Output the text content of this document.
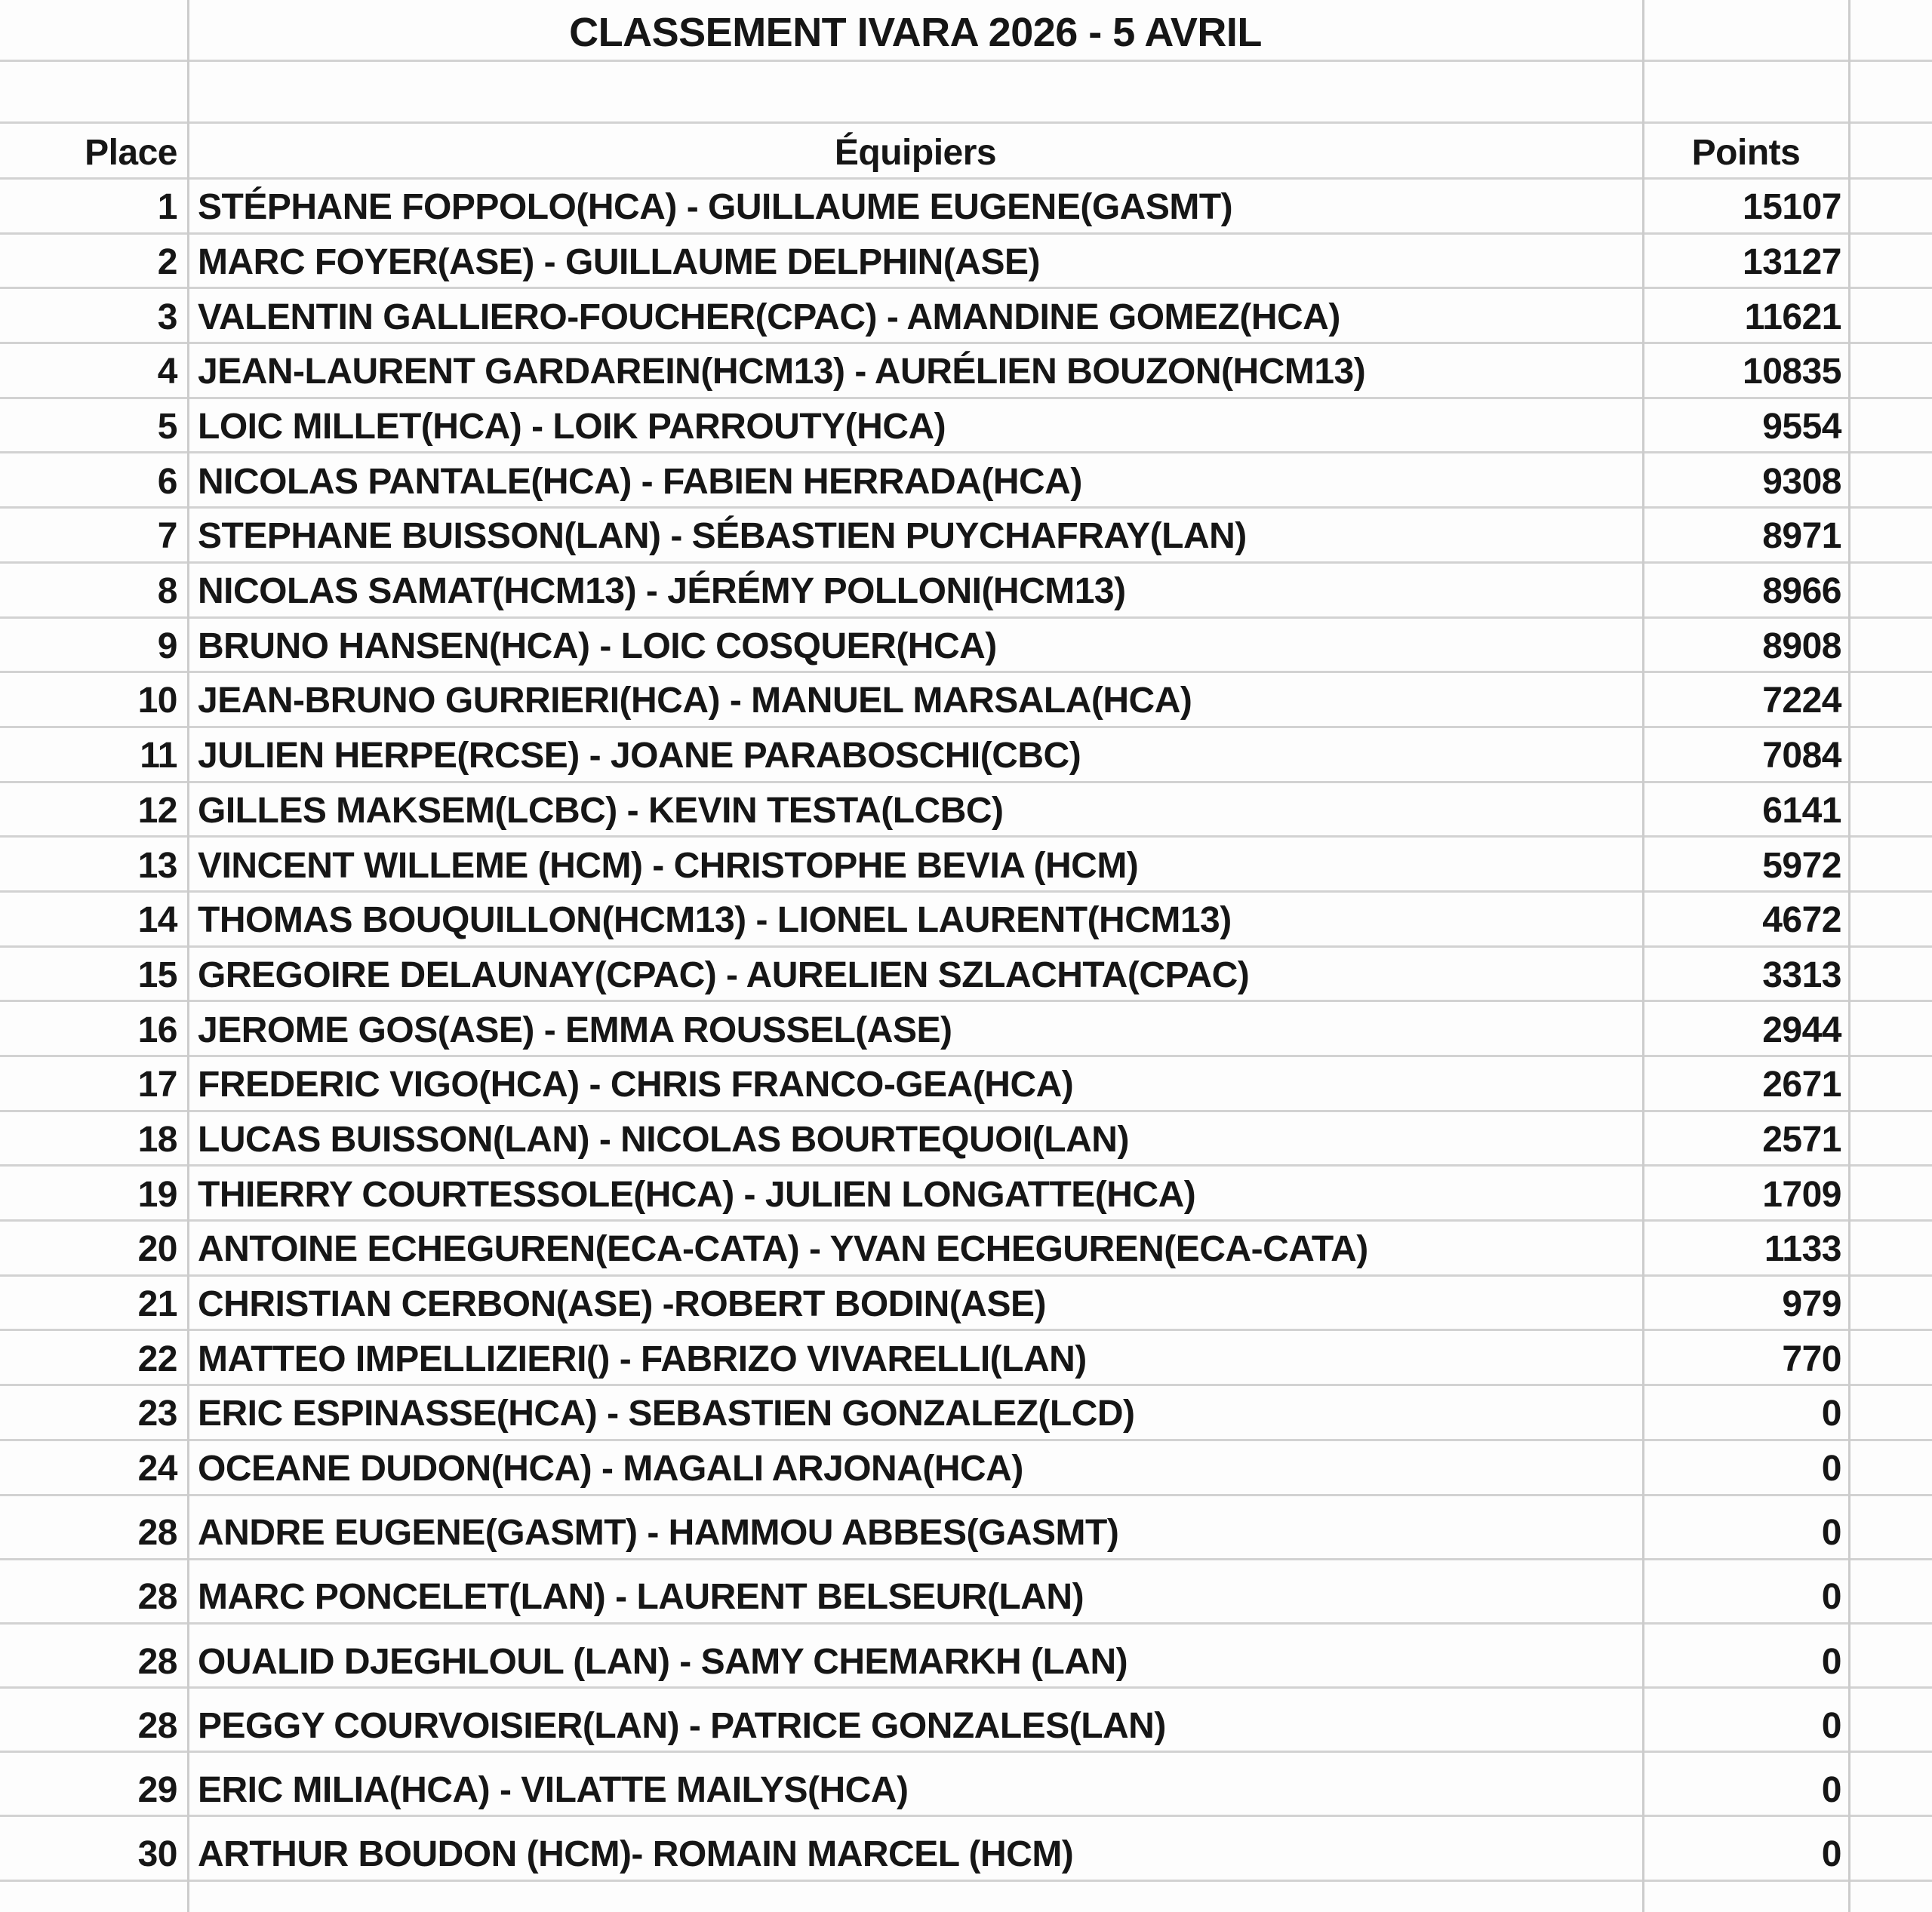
CLASSEMENT IVARA 2026 - 5 AVRIL
Place	Équipiers	Points
1 STÉPHANE FOPPOLO(HCA) - GUILLAUME EUGENE(GASMT)	15107
2 MARC FOYER(ASE) - GUILLAUME DELPHIN(ASE)	13127
3 VALENTIN GALLIERO-FOUCHER(CPAC) - AMANDINE GOMEZ(HCA)	11621
4 JEAN-LAURENT GARDAREIN(HCM13) - AURÉLIEN BOUZON(HCM13)	10835
5 LOIC MILLET(HCA) - LOIK PARROUTY(HCA)	9554
6 NICOLAS PANTALE(HCA) - FABIEN HERRADA(HCA)	9308
7 STEPHANE BUISSON(LAN) - SÉBASTIEN PUYCHAFRAY(LAN)	8971
8 NICOLAS SAMAT(HCM13) - JÉRÉMY POLLONI(HCM13)	8966
9 BRUNO HANSEN(HCA) - LOIC COSQUER(HCA)	8908
10 JEAN-BRUNO GURRIERI(HCA) - MANUEL MARSALA(HCA)	7224
11 JULIEN HERPE(RCSE) - JOANE PARABOSCHI(CBC)	7084
12 GILLES MAKSEM(LCBC) - KEVIN TESTA(LCBC)	6141
13 VINCENT WILLEME (HCM) - CHRISTOPHE BEVIA (HCM)	5972
14 THOMAS BOUQUILLON(HCM13) - LIONEL LAURENT(HCM13)	4672
15 GREGOIRE DELAUNAY(CPAC) - AURELIEN SZLACHTA(CPAC)	3313
16 JEROME GOS(ASE) - EMMA ROUSSEL(ASE)	2944
17 FREDERIC VIGO(HCA) - CHRIS FRANCO-GEA(HCA)	2671
18 LUCAS BUISSON(LAN) - NICOLAS BOURTEQUOI(LAN)	2571
19 THIERRY COURTESSOLE(HCA) - JULIEN LONGATTE(HCA)	1709
20 ANTOINE ECHEGUREN(ECA-CATA) - YVAN ECHEGUREN(ECA-CATA)	1133
21 CHRISTIAN CERBON(ASE) -ROBERT BODIN(ASE)	979
22 MATTEO IMPELLIZIERI() - FABRIZO VIVARELLI(LAN)	770
23 ERIC ESPINASSE(HCA) - SEBASTIEN GONZALEZ(LCD)	0
24 OCEANE DUDON(HCA) - MAGALI ARJONA(HCA)	0
28 ANDRE EUGENE(GASMT) - HAMMOU ABBES(GASMT)	0
28 MARC PONCELET(LAN) - LAURENT BELSEUR(LAN)	0
28 OUALID DJEGHLOUL (LAN) - SAMY CHEMARKH (LAN)	0
28 PEGGY COURVOISIER(LAN) - PATRICE GONZALES(LAN)	0
29 ERIC MILIA(HCA) - VILATTE MAILYS(HCA)	0
30 ARTHUR BOUDON (HCM)- ROMAIN MARCEL (HCM)	0
